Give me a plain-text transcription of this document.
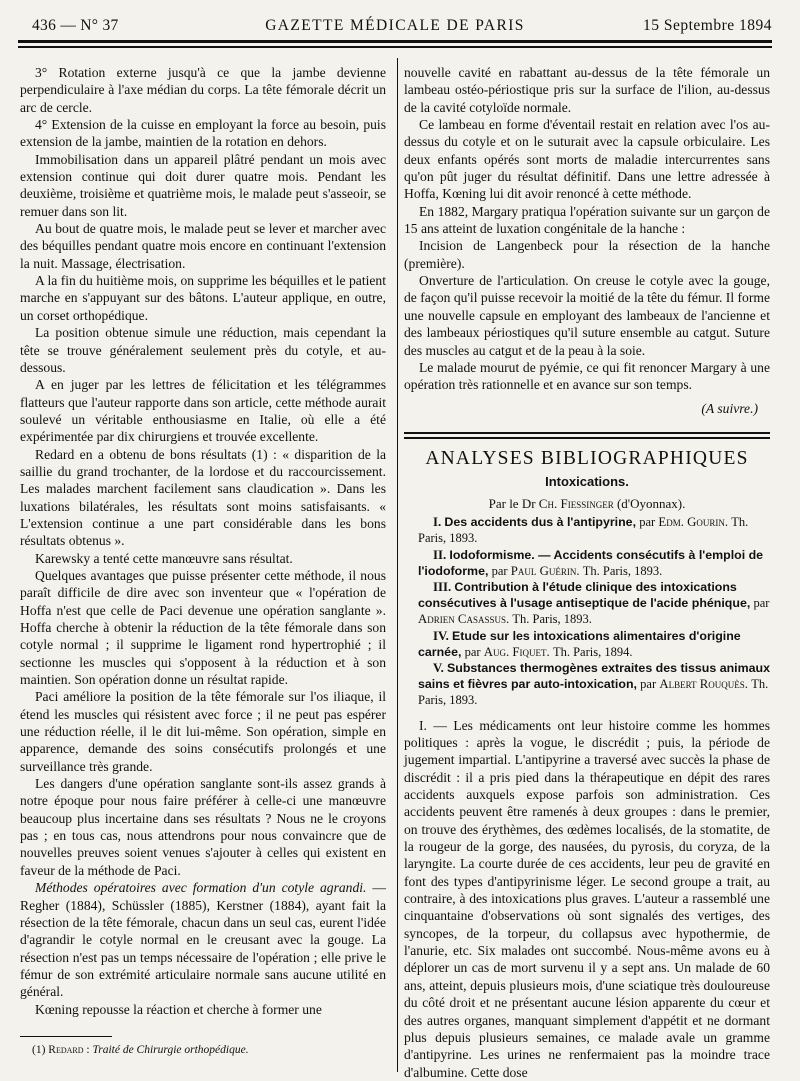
436 — N° 37	GAZETTE MÉDICALE DE PARIS	15 Septembre 1894

3° Rotation externe jusqu'à ce que la jambe devienne perpendiculaire à l'axe médian du corps. La tête fémorale décrit un arc de cercle.

4° Extension de la cuisse en employant la force au besoin, puis extension de la jambe, maintien de la rotation en dehors.

Immobilisation dans un appareil plâtré pendant un mois avec extension continue qui doit durer quatre mois. Pendant les deuxième, troisième et quatrième mois, le malade peut s'asseoir, se remuer dans son lit.

Au bout de quatre mois, le malade peut se lever et marcher avec des béquilles pendant quatre mois encore en continuant l'extension la nuit. Massage, électrisation.

A la fin du huitième mois, on supprime les béquilles et le patient marche en s'appuyant sur des bâtons. L'auteur applique, en outre, un corset orthopédique.

La position obtenue simule une réduction, mais cependant la tête se trouve généralement seulement près du cotyle, et au-dessous.

A en juger par les lettres de félicitation et les télégrammes flatteurs que l'auteur rapporte dans son article, cette méthode aurait soulevé un véritable enthousiasme en Italie, où elle a été expérimentée par dix chirurgiens et trouvée excellente.

Redard en a obtenu de bons résultats (1) : « disparition de la saillie du grand trochanter, de la lordose et du raccourcissement. Les malades marchent facilement sans claudication ». Dans les luxations bilatérales, les résultats sont moins satisfaisants. « L'extension continue a une part considérable dans les bons résultats obtenus ».

Karewsky a tenté cette manœuvre sans résultat.

Quelques avantages que puisse présenter cette méthode, il nous paraît difficile de dire avec son inventeur que « l'opération de Hoffa n'est que celle de Paci devenue une opération sanglante ». Hoffa cherche à obtenir la réduction de la tête fémorale dans son cotyle normal ; il supprime le ligament rond hypertrophié ; il sectionne les muscles qui s'opposent à la réduction et à son maintien. Son opération donne un résultat rapide.

Paci améliore la position de la tête fémorale sur l'os iliaque, il étend les muscles qui résistent avec force ; il ne peut pas espérer une réduction réelle, il le dit lui-même. Son opération, simple en apparence, demande des soins consécutifs prolongés et une surveillance très grande.

Les dangers d'une opération sanglante sont-ils assez grands à notre époque pour nous faire préférer à celle-ci une manœuvre beaucoup plus incertaine dans ses résultats ? Nous ne le croyons pas ; en tous cas, nous attendrons pour nous convaincre que de nouvelles preuves soient venues s'ajouter à celles qui existent en faveur de la méthode de Paci.

Méthodes opératoires avec formation d'un cotyle agrandi. — Regher (1884), Schüssler (1885), Kerstner (1884), ayant fait la résection de la tête fémorale, chacun dans un seul cas, eurent l'idée d'agrandir le cotyle normal en le creusant avec la gouge. La résection n'est pas un temps nécessaire de l'opération ; elle prive le fémur de son extrémité articulaire normale sans aucune utilité en général.

Kœning repousse la réaction et cherche à former une

nouvelle cavité en rabattant au-dessus de la tête fémorale un lambeau ostéo-périostique pris sur la surface de l'ilion, au-dessus de la cavité cotyloïde normale.

Ce lambeau en forme d'éventail restait en relation avec l'os au-dessus du cotyle et on le suturait avec la capsule orbiculaire. Les deux enfants opérés sont morts de maladie intercurrentes sans qu'on pût juger du résultat définitif. Dans une lettre adressée à Hoffa, Kœning lui dit avoir renoncé à cette méthode.

En 1882, Margary pratiqua l'opération suivante sur un garçon de 15 ans atteint de luxation congénitale de la hanche :

Incision de Langenbeck pour la résection de la hanche (première).

Onverture de l'articulation. On creuse le cotyle avec la gouge, de façon qu'il puisse recevoir la moitié de la tête du fémur. Il forme une nouvelle capsule en employant des lambeaux de l'ancienne et des lambeaux périostiques qu'il suture ensemble au catgut. Suture des muscles au catgut et de la peau à la soie.

Le malade mourut de pyémie, ce qui fit renoncer Margary à une opération très rationnelle et en avance sur son temps.

(A suivre.)
ANALYSES BIBLIOGRAPHIQUES
Intoxications.
Par le Dr Ch. Fiessinger (d'Oyonnax).

I. Des accidents dus à l'antipyrine, par Edm. Gourin. Th. Paris, 1893.

II. Iodoformisme. — Accidents consécutifs à l'emploi de l'iodoforme, par Paul Guérin. Th. Paris, 1893.

III. Contribution à l'étude clinique des intoxications consécutives à l'usage antiseptique de l'acide phénique, par Adrien Casassus. Th. Paris, 1893.

IV. Etude sur les intoxications alimentaires d'origine carnée, par Aug. Fiquet. Th. Paris, 1894.

V. Substances thermogènes extraites des tissus animaux sains et fièvres par auto-intoxication, par Albert Rouquès. Th. Paris, 1893.

I. — Les médicaments ont leur histoire comme les hommes politiques : après la vogue, le discrédit ; puis, la période de jugement impartial. L'antipyrine a traversé avec succès la phase de discrédit : il a pris pied dans la thérapeutique en dépit des rares accidents auxquels expose parfois son administration. Ces accidents peuvent être ramenés à deux groupes : dans le premier, on trouve des érythèmes, des œdèmes localisés, de la stomatite, de la rougeur de la gorge, des nausées, du pyrosis, du coryza, de la laryngite. La courte durée de ces accidents, leur peu de gravité en font des types d'antipyrinisme léger. Le second groupe a trait, au contraire, à des intoxications plus graves. L'auteur a rassemblé une cinquantaine d'observations où sont signalés des vertiges, des syncopes, de la torpeur, du collapsus avec hypothermie, de l'anurie, etc. Six malades ont succombé. Nous-même avons eu à déplorer un cas de mort survenu il y a sept ans. Un malade de 60 ans, atteint, depuis plusieurs mois, d'une sciatique très douloureuse du côté droit et ne présentant aucune lésion apparente du cœur et des autres organes, manquant simplement d'appétit et ne dormant plus depuis plusieurs semaines, ce malade avale un gramme d'antipyrine. Les urines ne renfermaient pas la moindre trace d'albumine. Cette dose

(1) Redard : Traité de Chirurgie orthopédique.
